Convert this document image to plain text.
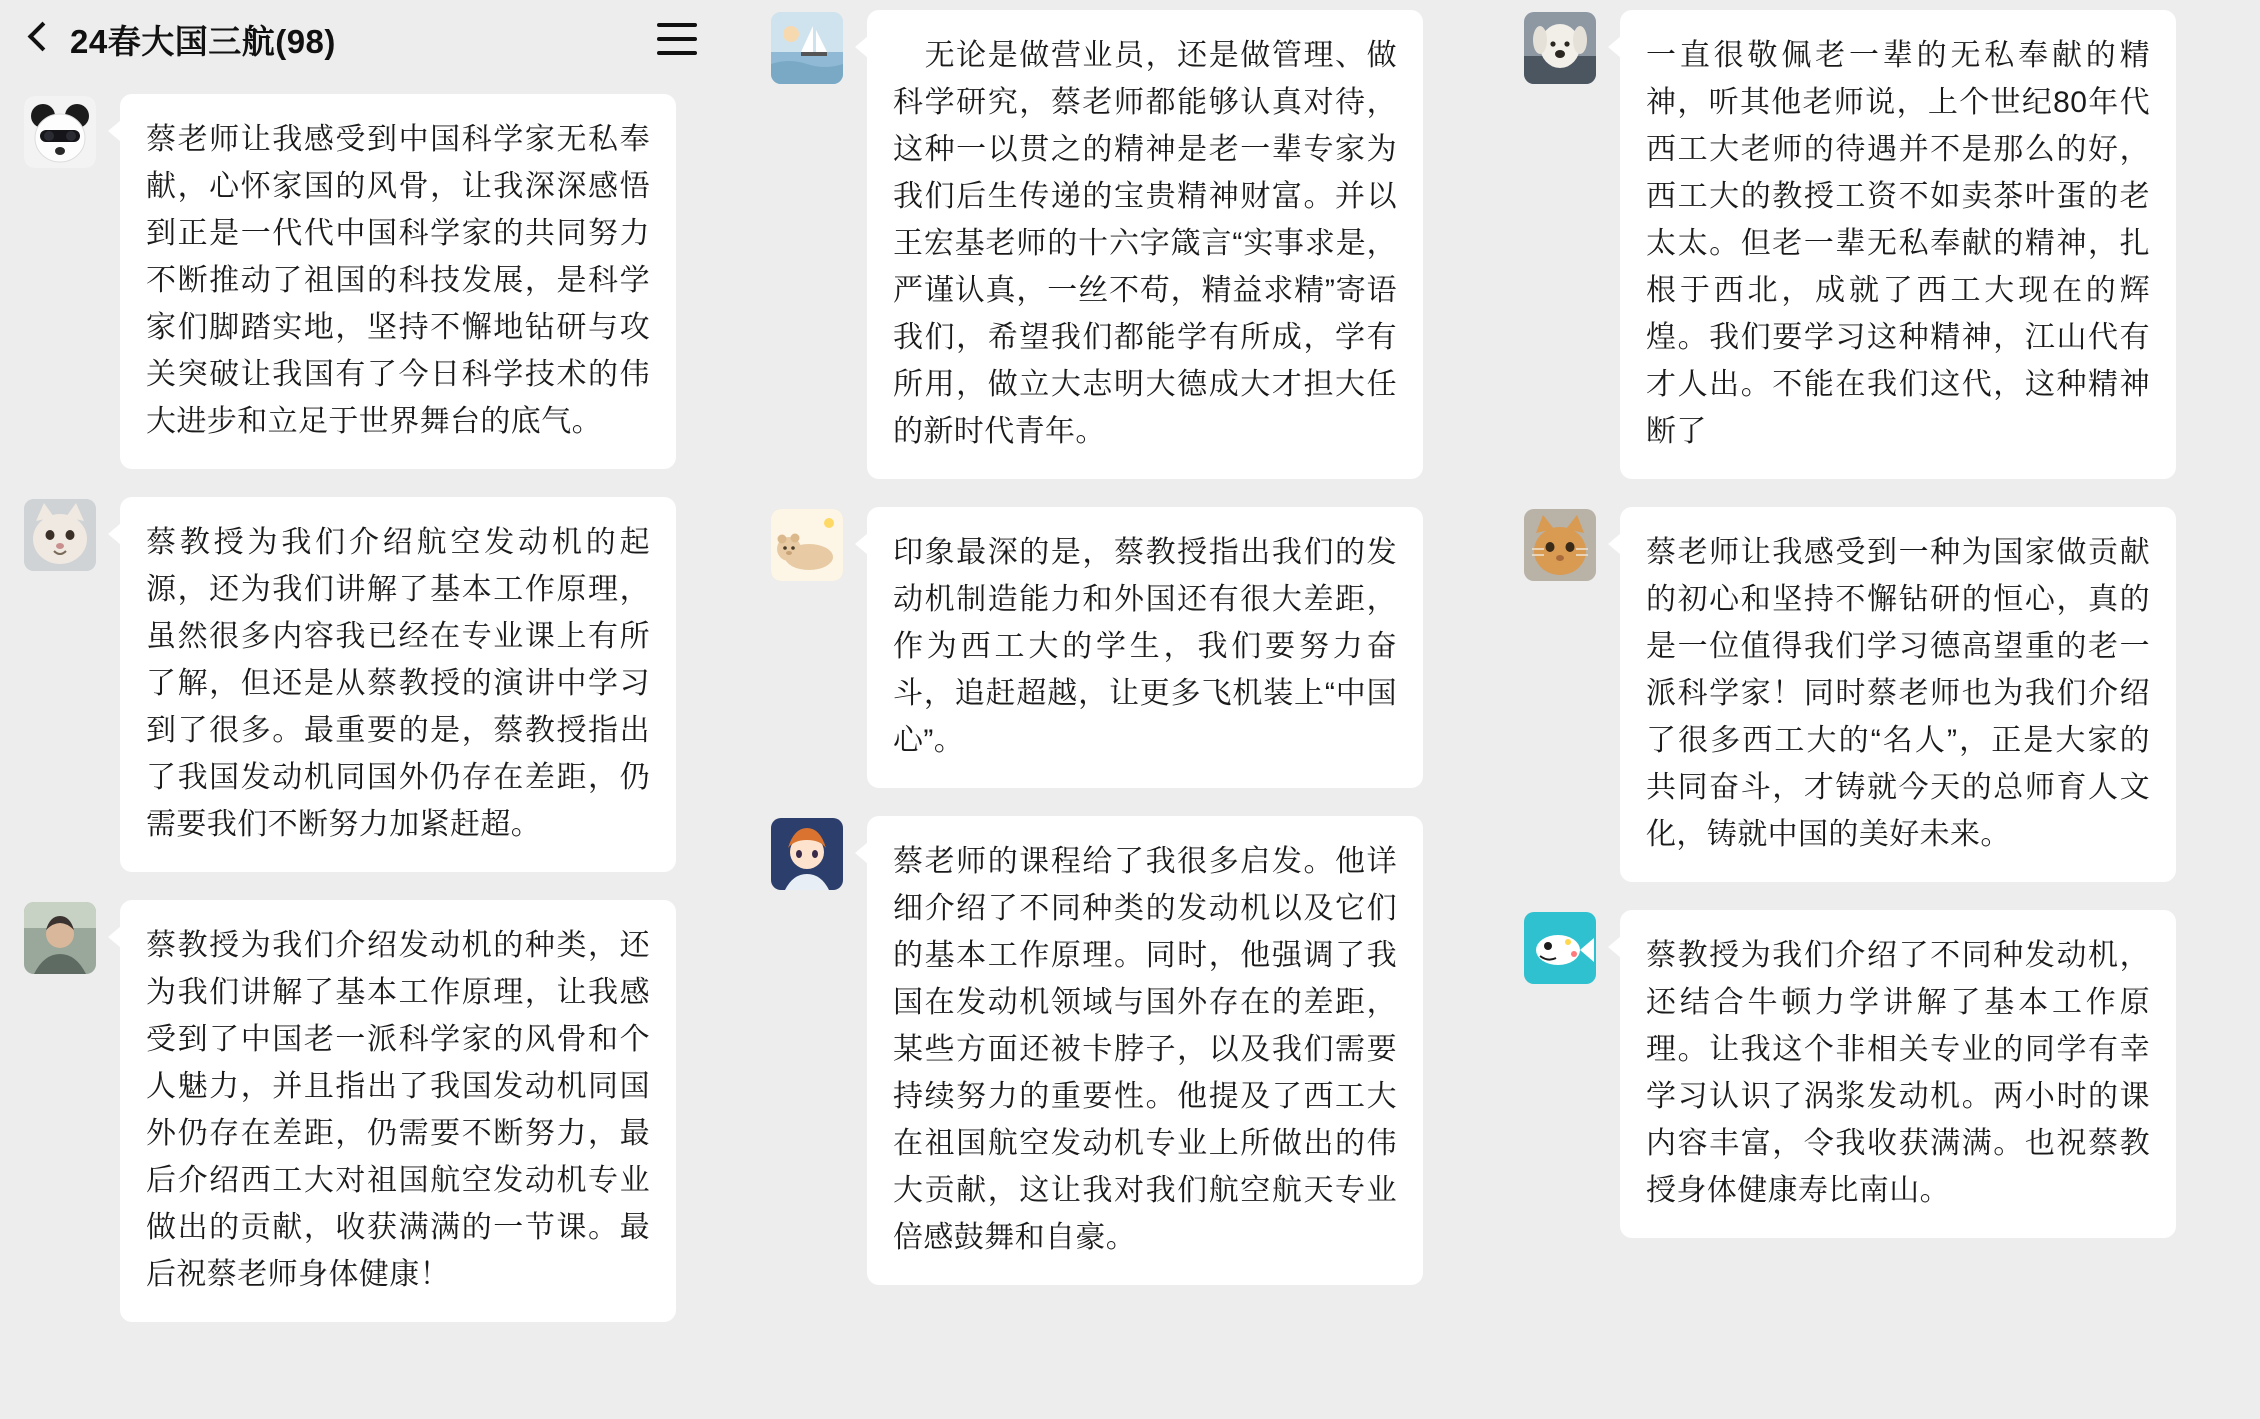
24春大国三航(98)
蔡老师让我感受到中国科学家无私奉献，心怀家国的风骨，让我深深感悟到正是一代代中国科学家的共同努力不断推动了祖国的科技发展，是科学家们脚踏实地，坚持不懈地钻研与攻关突破让我国有了今日科学技术的伟大进步和立足于世界舞台的底气。
蔡教授为我们介绍航空发动机的起源，还为我们讲解了基本工作原理，虽然很多内容我已经在专业课上有所了解，但还是从蔡教授的演讲中学习到了很多。最重要的是，蔡教授指出了我国发动机同国外仍存在差距，仍需要我们不断努力加紧赶超。
蔡教授为我们介绍发动机的种类，还为我们讲解了基本工作原理，让我感受到了中国老一派科学家的风骨和个人魅力，并且指出了我国发动机同国外仍存在差距，仍需要不断努力，最后介绍西工大对祖国航空发动机专业做出的贡献，收获满满的一节课。最后祝蔡老师身体健康！
　无论是做营业员，还是做管理、做科学研究，蔡老师都能够认真对待，这种一以贯之的精神是老一辈专家为我们后生传递的宝贵精神财富。并以王宏基老师的十六字箴言“实事求是，严谨认真，一丝不苟，精益求精”寄语我们，希望我们都能学有所成，学有所用，做立大志明大德成大才担大任的新时代青年。
印象最深的是，蔡教授指出我们的发动机制造能力和外国还有很大差距，作为西工大的学生，我们要努力奋斗，追赶超越，让更多飞机装上“中国心”。
蔡老师的课程给了我很多启发。他详细介绍了不同种类的发动机以及它们的基本工作原理。同时，他强调了我国在发动机领域与国外存在的差距，某些方面还被卡脖子，以及我们需要持续努力的重要性。他提及了西工大在祖国航空发动机专业上所做出的伟大贡献，这让我对我们航空航天专业倍感鼓舞和自豪。
一直很敬佩老一辈的无私奉献的精神，听其他老师说，上个世纪80年代西工大老师的待遇并不是那么的好，西工大的教授工资不如卖茶叶蛋的老太太。但老一辈无私奉献的精神，扎根于西北，成就了西工大现在的辉煌。我们要学习这种精神，江山代有才人出。不能在我们这代，这种精神断了
蔡老师让我感受到一种为国家做贡献的初心和坚持不懈钻研的恒心，真的是一位值得我们学习德高望重的老一派科学家！同时蔡老师也为我们介绍了很多西工大的“名人”，正是大家的共同奋斗，才铸就今天的总师育人文化，铸就中国的美好未来。
蔡教授为我们介绍了不同种发动机，还结合牛顿力学讲解了基本工作原理。让我这个非相关专业的同学有幸学习认识了涡浆发动机。两小时的课内容丰富，令我收获满满。也祝蔡教授身体健康寿比南山。
